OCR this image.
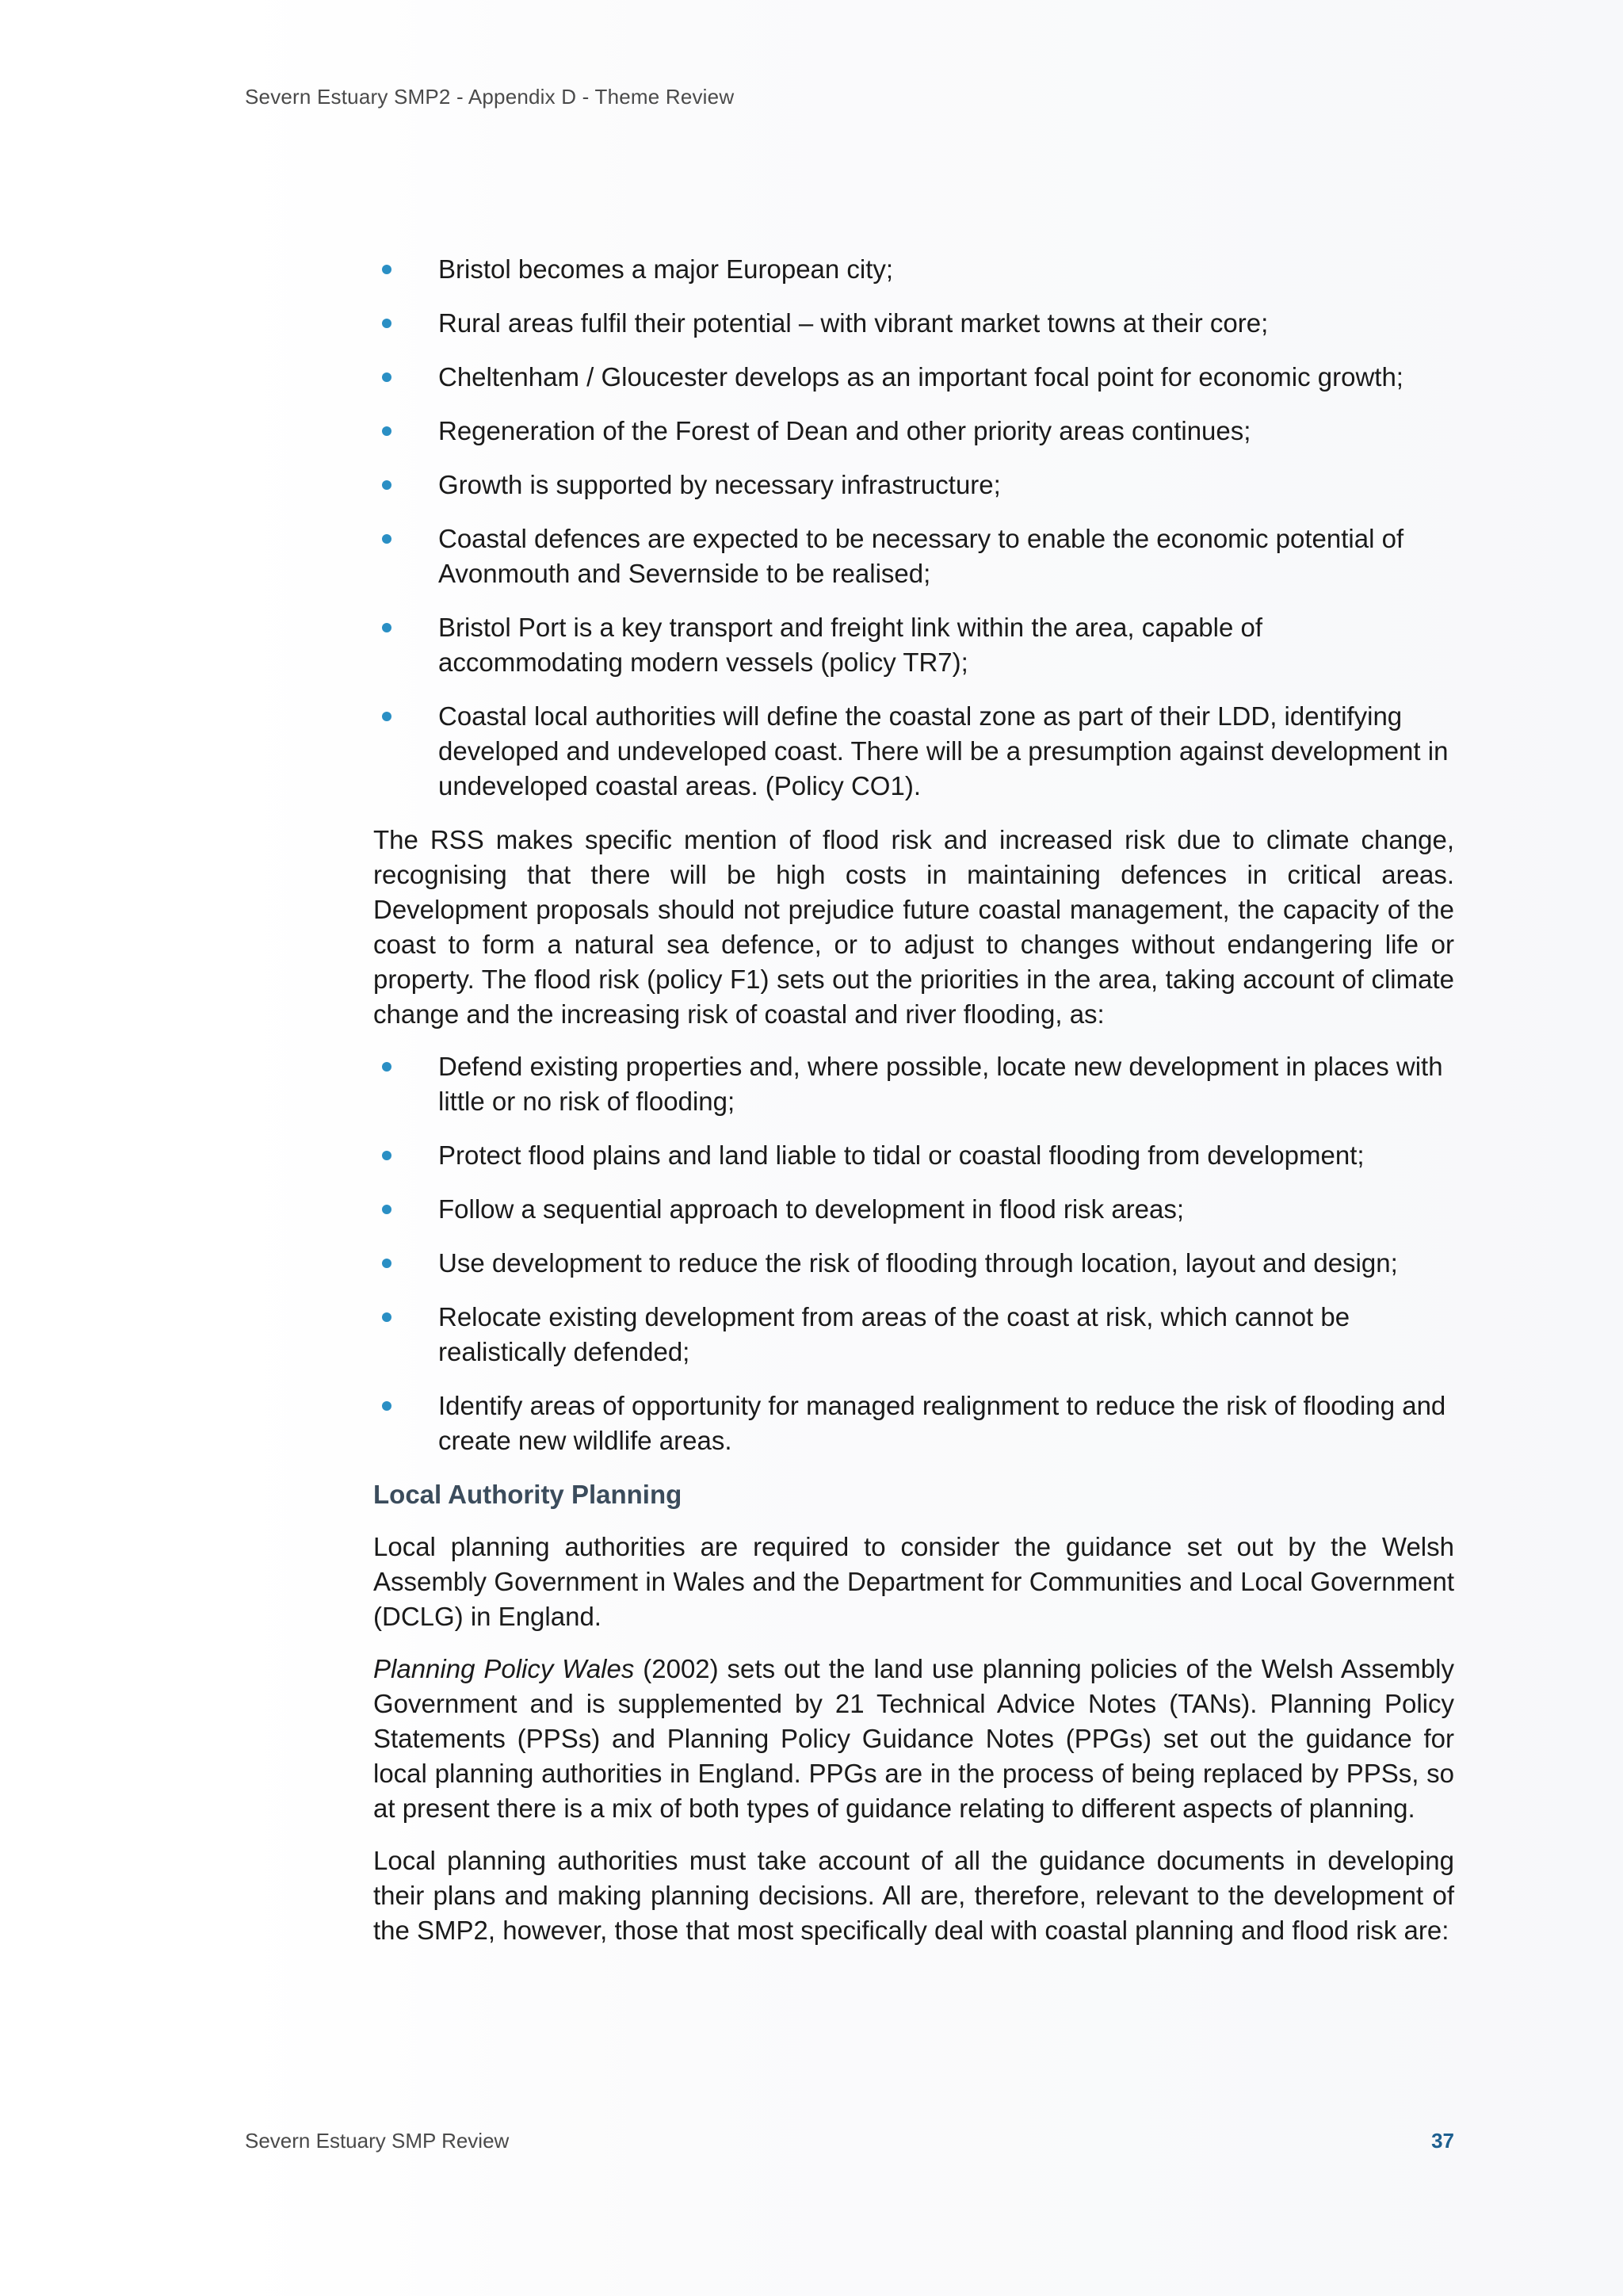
Severn Estuary SMP2 - Appendix D - Theme Review
Bristol becomes a major European city;
Rural areas fulfil their potential – with vibrant market towns at their core;
Cheltenham / Gloucester develops as an important focal point for economic growth;
Regeneration of the Forest of Dean and other priority areas continues;
Growth is supported by necessary infrastructure;
Coastal defences are expected to be necessary to enable the economic potential of Avonmouth and Severnside to be realised;
Bristol Port is a key transport and freight link within the area, capable of accommodating modern vessels (policy TR7);
Coastal local authorities will define the coastal zone as part of their LDD, identifying developed and undeveloped coast. There will be a presumption against development in undeveloped coastal areas. (Policy CO1).

The RSS makes specific mention of flood risk and increased risk due to climate change, recognising that there will be high costs in maintaining defences in critical areas. Development proposals should not prejudice future coastal management, the capacity of the coast to form a natural sea defence, or to adjust to changes without endangering life or property. The flood risk (policy F1) sets out the priorities in the area, taking account of climate change and the increasing risk of coastal and river flooding, as:

Defend existing properties and, where possible, locate new development in places with little or no risk of flooding;
Protect flood plains and land liable to tidal or coastal flooding from development;
Follow a sequential approach to development in flood risk areas;
Use development to reduce the risk of flooding through location, layout and design;
Relocate existing development from areas of the coast at risk, which cannot be realistically defended;
Identify areas of opportunity for managed realignment to reduce the risk of flooding and create new wildlife areas.
Local Authority Planning

Local planning authorities are required to consider the guidance set out by the Welsh Assembly Government in Wales and the Department for Communities and Local Government (DCLG) in England.

Planning Policy Wales (2002) sets out the land use planning policies of the Welsh Assembly Government and is supplemented by 21 Technical Advice Notes (TANs). Planning Policy Statements (PPSs) and Planning Policy Guidance Notes (PPGs) set out the guidance for local planning authorities in England. PPGs are in the process of being replaced by PPSs, so at present there is a mix of both types of guidance relating to different aspects of planning.

Local planning authorities must take account of all the guidance documents in developing their plans and making planning decisions. All are, therefore, relevant to the development of the SMP2, however, those that most specifically deal with coastal planning and flood risk are:

Severn Estuary SMP Review	37
